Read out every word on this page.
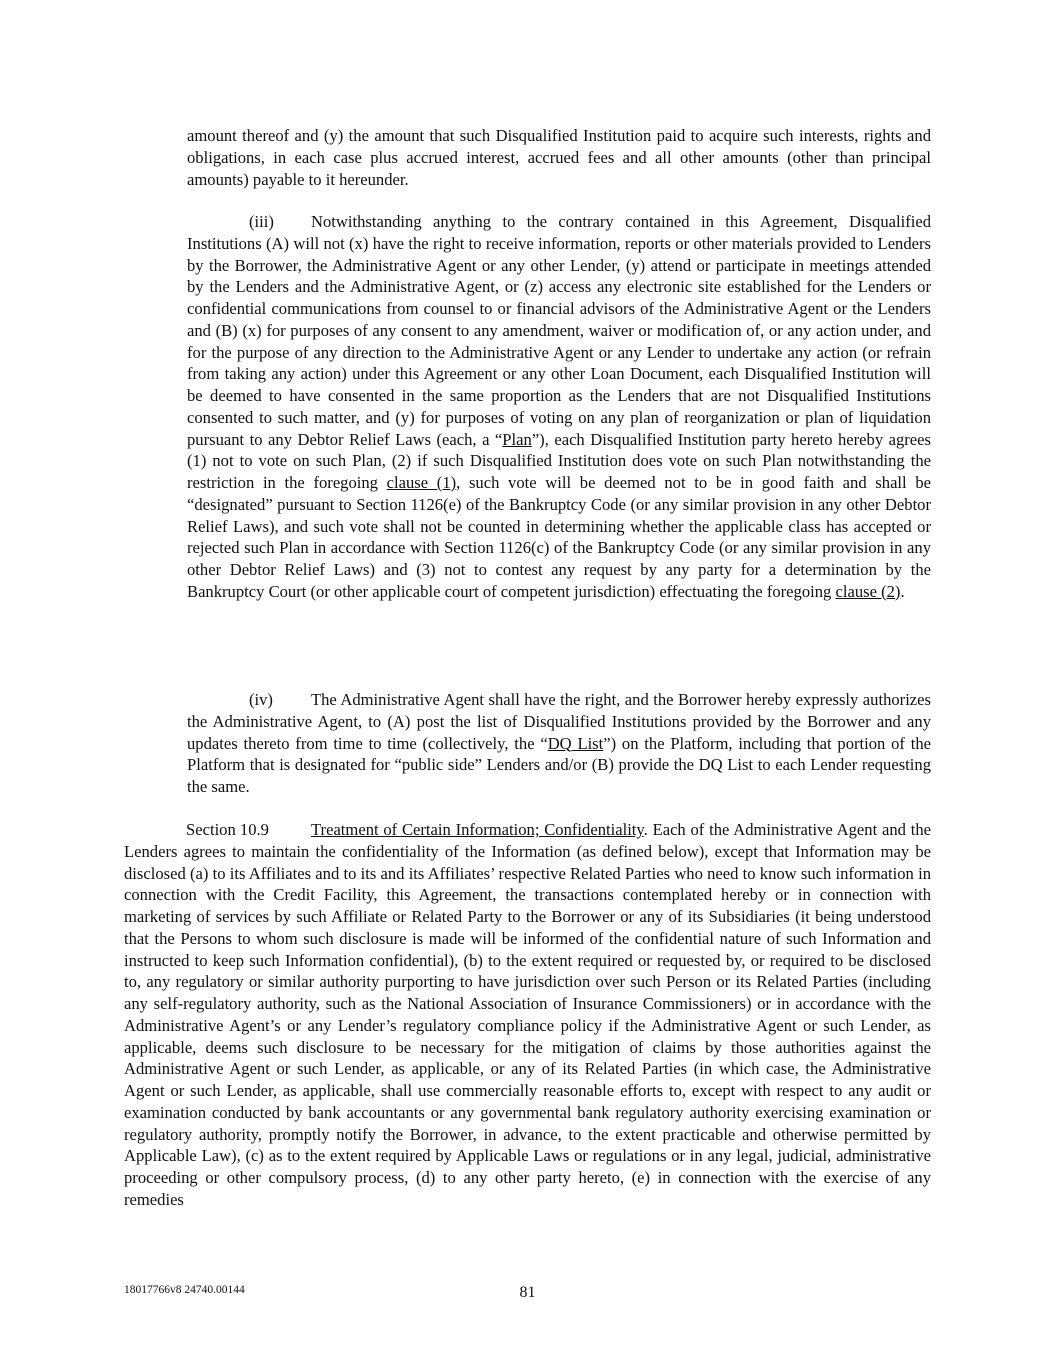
amount thereof and (y) the amount that such Disqualified Institution paid to acquire such interests, rights and obligations, in each case plus accrued interest, accrued fees and all other amounts (other than principal amounts) payable to it hereunder.

(iii) Notwithstanding anything to the contrary contained in this Agreement, Disqualified Institutions (A) will not (x) have the right to receive information, reports or other materials provided to Lenders by the Borrower, the Administrative Agent or any other Lender, (y) attend or participate in meetings attended by the Lenders and the Administrative Agent, or (z) access any electronic site established for the Lenders or confidential communications from counsel to or financial advisors of the Administrative Agent or the Lenders and (B) (x) for purposes of any consent to any amendment, waiver or modification of, or any action under, and for the purpose of any direction to the Administrative Agent or any Lender to undertake any action (or refrain from taking any action) under this Agreement or any other Loan Document, each Disqualified Institution will be deemed to have consented in the same proportion as the Lenders that are not Disqualified Institutions consented to such matter, and (y) for purposes of voting on any plan of reorganization or plan of liquidation pursuant to any Debtor Relief Laws (each, a “Plan”), each Disqualified Institution party hereto hereby agrees (1) not to vote on such Plan, (2) if such Disqualified Institution does vote on such Plan notwithstanding the restriction in the foregoing clause (1), such vote will be deemed not to be in good faith and shall be “designated” pursuant to Section 1126(e) of the Bankruptcy Code (or any similar provision in any other Debtor Relief Laws), and such vote shall not be counted in determining whether the applicable class has accepted or rejected such Plan in accordance with Section 1126(c) of the Bankruptcy Code (or any similar provision in any other Debtor Relief Laws) and (3) not to contest any request by any party for a determination by the Bankruptcy Court (or other applicable court of competent jurisdiction) effectuating the foregoing clause (2).

(iv) The Administrative Agent shall have the right, and the Borrower hereby expressly authorizes the Administrative Agent, to (A) post the list of Disqualified Institutions provided by the Borrower and any updates thereto from time to time (collectively, the “DQ List”) on the Platform, including that portion of the Platform that is designated for “public side” Lenders and/or (B) provide the DQ List to each Lender requesting the same.

Section 10.9	Treatment of Certain Information; Confidentiality. Each of the Administrative Agent and the Lenders agrees to maintain the confidentiality of the Information (as defined below), except that Information may be disclosed (a) to its Affiliates and to its and its Affiliates’ respective Related Parties who need to know such information in connection with the Credit Facility, this Agreement, the transactions contemplated hereby or in connection with marketing of services by such Affiliate or Related Party to the Borrower or any of its Subsidiaries (it being understood that the Persons to whom such disclosure is made will be informed of the confidential nature of such Information and instructed to keep such Information confidential), (b) to the extent required or requested by, or required to be disclosed to, any regulatory or similar authority purporting to have jurisdiction over such Person or its Related Parties (including any self-regulatory authority, such as the National Association of Insurance Commissioners) or in accordance with the Administrative Agent’s or any Lender’s regulatory compliance policy if the Administrative Agent or such Lender, as applicable, deems such disclosure to be necessary for the mitigation of claims by those authorities against the Administrative Agent or such Lender, as applicable, or any of its Related Parties (in which case, the Administrative Agent or such Lender, as applicable, shall use commercially reasonable efforts to, except with respect to any audit or examination conducted by bank accountants or any governmental bank regulatory authority exercising examination or regulatory authority, promptly notify the Borrower, in advance, to the extent practicable and otherwise permitted by Applicable Law), (c) as to the extent required by Applicable Laws or regulations or in any legal, judicial, administrative proceeding or other compulsory process, (d) to any other party hereto, (e) in connection with the exercise of any remedies

18017766v8 24740.00144	81
